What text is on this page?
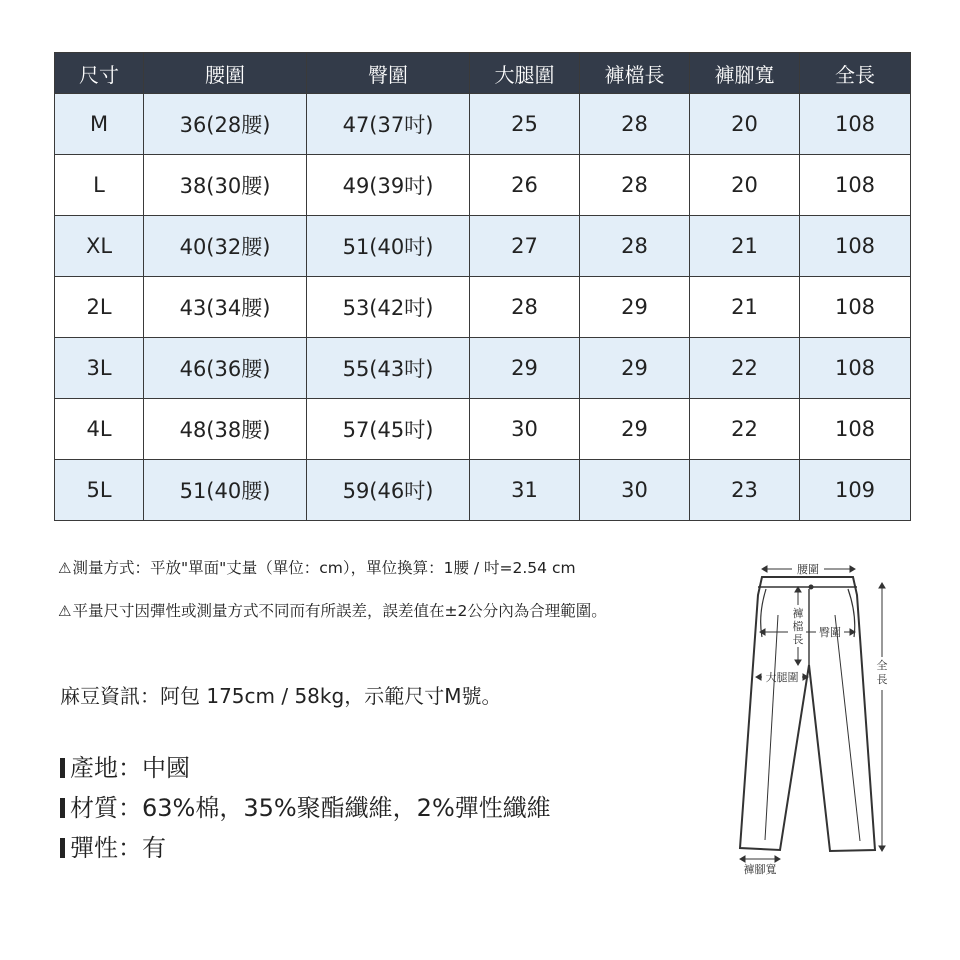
尺寸	腰圍	臀圍	大腿圍	褲檔長	褲腳寬	全長
M	36(28腰)	47(37吋)	25	28	20	108
L	38(30腰)	49(39吋)	26	28	20	108
XL	40(32腰)	51(40吋)	27	28	21	108
2L	43(34腰)	53(42吋)	28	29	21	108
3L	46(36腰)	55(43吋)	29	29	22	108
4L	48(38腰)	57(45吋)	30	29	22	108
5L	51(40腰)	59(46吋)	31	30	23	109
⚠測量方式：平放"單面"丈量（單位：cm），單位換算：1腰 / 吋=2.54 cm
⚠平量尺寸因彈性或測量方式不同而有所誤差，誤差值在±2公分內為合理範圍。
麻豆資訊：阿包 175cm / 58kg，示範尺寸M號。
產地：中國
材質：63%棉，35%聚酯纖維，2%彈性纖維
彈性：有
腰圍
褲
檔
長
臀圍
大腿圍
全
長
褲腳寬
